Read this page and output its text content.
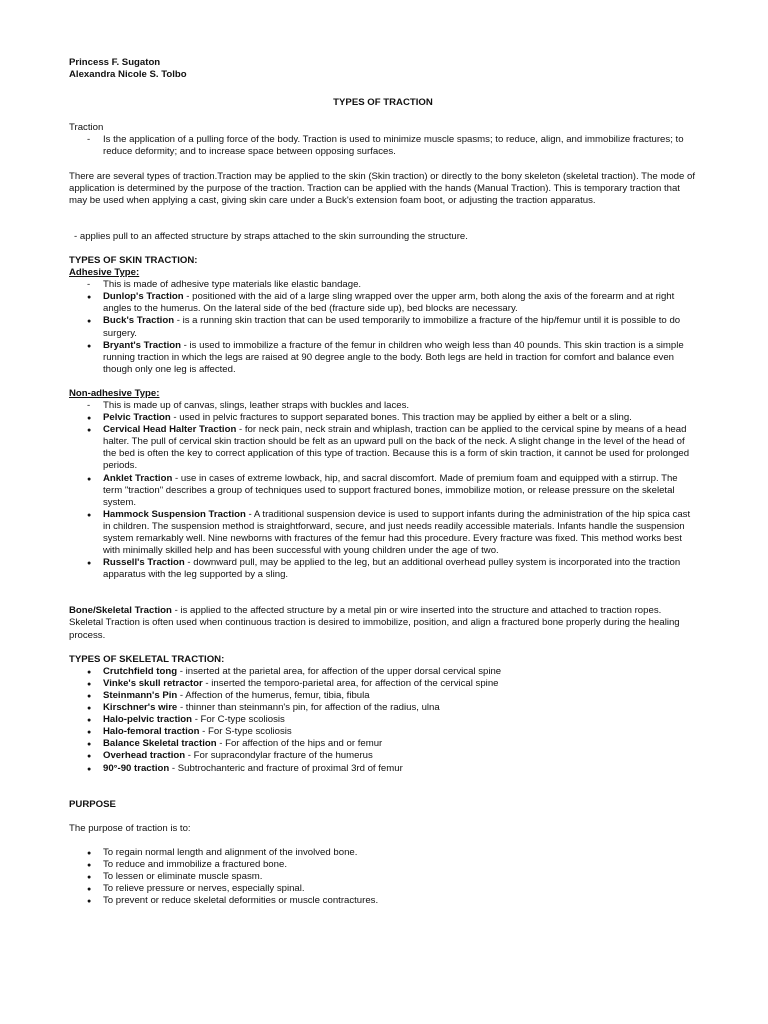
Princess F. Sugaton
Alexandra Nicole S. Tolbo
TYPES OF TRACTION

Traction

- Is the application of a pulling force of the body. Traction is used to minimize muscle spasms; to reduce, align, and immobilize fractures; to reduce deformity; and to increase space between opposing surfaces.

There are several types of traction.Traction may be applied to the skin (Skin traction) or directly to the bony skeleton (skeletal traction). The mode of application is determined by the purpose of the traction. Traction can be applied with the hands (Manual Traction). This is temporary traction that may be used when applying a cast, giving skin care under a Buck's extension foam boot, or adjusting the traction apparatus.

- applies pull to an affected structure by straps attached to the skin surrounding the structure.

TYPES OF SKIN TRACTION:

Adhesive Type:

- This is made of adhesive type materials like elastic bandage.
● Dunlop's Traction - positioned with the aid of a large sling wrapped over the upper arm, both along the axis of the forearm and at right angles to the humerus. On the lateral side of the bed (fracture side up), bed blocks are necessary.
● Buck's Traction - is a running skin traction that can be used temporarily to immobilize a fracture of the hip/femur until it is possible to do surgery.
● Bryant's Traction - is used to immobilize a fracture of the femur in children who weigh less than 40 pounds. This skin traction is a simple running traction in which the legs are raised at 90 degree angle to the body. Both legs are held in traction for comfort and balance even though only one leg is affected.

Non-adhesive Type:

- This is made up of canvas, slings, leather straps with buckles and laces.
● Pelvic Traction - used in pelvic fractures to support separated bones. This traction may be applied by either a belt or a sling.
● Cervical Head Halter Traction - for neck pain, neck strain and whiplash, traction can be applied to the cervical spine by means of a head halter. The pull of cervical skin traction should be felt as an upward pull on the back of the neck. A slight change in the level of the head of the bed is often the key to correct application of this type of traction. Because this is a form of skin traction, it cannot be used for prolonged periods.
● Anklet Traction - use in cases of extreme lowback, hip, and sacral discomfort. Made of premium foam and equipped with a stirrup. The term "traction" describes a group of techniques used to support fractured bones, immobilize motion, or release pressure on the skeletal system.
● Hammock Suspension Traction - A traditional suspension device is used to support infants during the administration of the hip spica cast in children. The suspension method is straightforward, secure, and just needs readily accessible materials. Infants handle the suspension system remarkably well. Nine newborns with fractures of the femur had this procedure. Every fracture was fixed. This method works best with minimally skilled help and has been successful with young children under the age of two.
● Russell's Traction - downward pull, may be applied to the leg, but an additional overhead pulley system is incorporated into the traction apparatus with the leg supported by a sling.

Bone/Skeletal Traction - is applied to the affected structure by a metal pin or wire inserted into the structure and attached to traction ropes. Skeletal Traction is often used when continuous traction is desired to immobilize, position, and align a fractured bone properly during the healing process.

TYPES OF SKELETAL TRACTION:

● Crutchfield tong - inserted at the parietal area, for affection of the upper dorsal cervical spine
● Vinke's skull retractor - inserted the temporo-parietal area, for affection of the cervical spine
● Steinmann's Pin - Affection of the humerus, femur, tibia, fibula
● Kirschner's wire - thinner than steinmann's pin, for affection of the radius, ulna
● Halo-pelvic traction - For C-type scoliosis
● Halo-femoral traction - For S-type scoliosis
● Balance Skeletal traction - For affection of the hips and or femur
● Overhead traction - For supracondylar fracture of the humerus
● 90°-90 traction - Subtrochanteric and fracture of proximal 3rd of femur

PURPOSE

The purpose of traction is to:

● To regain normal length and alignment of the involved bone.
● To reduce and immobilize a fractured bone.
● To lessen or eliminate muscle spasm.
● To relieve pressure or nerves, especially spinal.
● To prevent or reduce skeletal deformities or muscle contractures.
